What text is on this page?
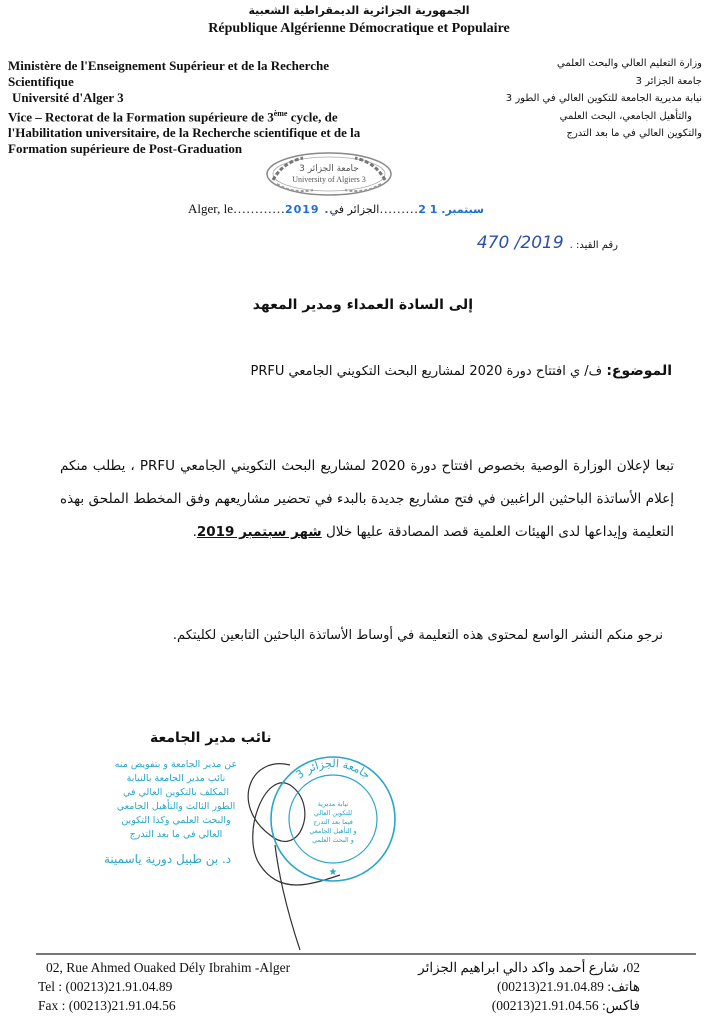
الجمهورية الجزائرية الديمقراطية الشعبية
République Algérienne Démocratique et Populaire
Ministère de l'Enseignement Supérieur et de la Recherche
Scientifique
Université d'Alger 3
Vice – Rectorat de la Formation supérieure de 3ème cycle, de
l'Habilitation universitaire, de la Recherche scientifique et de la
Formation supérieure de Post-Graduation
وزارة التعليم العالي والبحث العلمي
جامعة الجزائر 3
نيابة مديرية الجامعة للتكوين العالي في الطور 3
والتأهيل الجامعي، البحث العلمي
والتكوين العالي في ما بعد التدرج
جامعة الجزائر 3
University of Algiers 3
Alger, le…………2019 .سبتمبر. 1 2………الجزائر في
رقم القيد: .470 /2019
إلى السادة العمداء ومدير المعهد
الموضوع: ف/ ي افتتاح دورة 2020 لمشاريع البحث التكويني الجامعي PRFU
تبعا لإعلان الوزارة الوصية بخصوص افتتاح دورة 2020 لمشاريع البحث التكويني الجامعي PRFU ، يطلب منكم إعلام الأساتذة الباحثين الراغبين في فتح مشاريع جديدة بالبدء في تحضير مشاريعهم وفق المخطط الملحق بهذه التعليمة وإيداعها لدى الهيئات العلمية قصد المصادقة عليها خلال شهر سبتمبر 2019.
نرجو منكم النشر الواسع لمحتوى هذه التعليمة في أوساط الأساتذة الباحثين التابعين لكليتكم.
نائب مدير الجامعة
عن مدير الجامعة و بتفويض منه
نائب مدير الجامعة بالنيابة
المكلف بالتكوين العالي في
الطور الثالث والتأهيل الجامعي
والبحث العلمي وكذا التكوين
العالي في ما بعد التدرج
د. بن طبيل دورية ياسمينة
جامعة الجزائر 3
★
نيابة مديرية
للتكوين العالي
فيما بعد التدرج
و التأهيل الجامعي
و البحث العلمي
02, Rue Ahmed Ouaked Dély Ibrahim -Alger
Tel : (00213)21.91.04.89
Fax : (00213)21.91.04.56
02، شارع أحمد واكد دالي ابراهيم الجزائر
هاتف: (00213)21.91.04.89
فاكس: (00213)21.91.04.56
